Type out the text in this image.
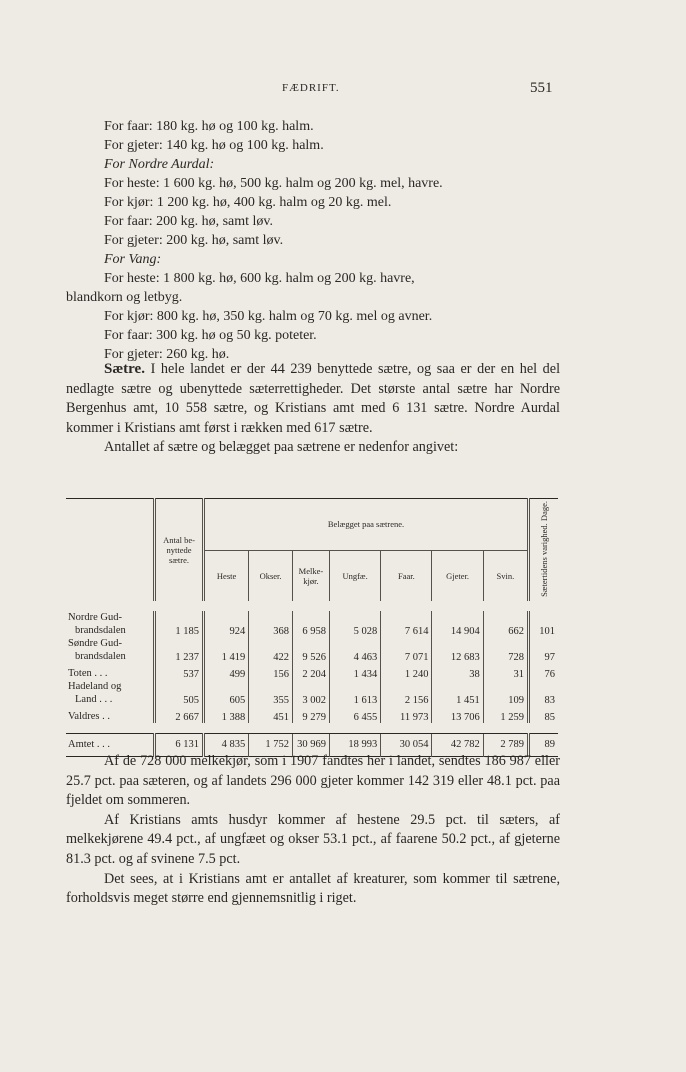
FÆDRIFT.	551
For faar: 180 kg. hø og 100 kg. halm.
For gjeter: 140 kg. hø og 100 kg. halm.
For Nordre Aurdal:
For heste: 1 600 kg. hø, 500 kg. halm og 200 kg. mel, havre.
For kjør: 1 200 kg. hø, 400 kg. halm og 20 kg. mel.
For faar: 200 kg. hø, samt løv.
For gjeter: 200 kg. hø, samt løv.
For Vang:
For heste: 1 800 kg. hø, 600 kg. halm og 200 kg. havre,
blandkorn og letbyg.
For kjør: 800 kg. hø, 350 kg. halm og 70 kg. mel og avner.
For faar: 300 kg. hø og 50 kg. poteter.
For gjeter: 260 kg. hø.

Sætre. I hele landet er der 44 239 benyttede sætre, og saa er der en hel del nedlagte sætre og ubenyttede sæterrettigheder. Det største antal sætre har Nordre Bergenhus amt, 10 558 sætre, og Kristians amt med 6 131 sætre. Nordre Aurdal kommer i Kristians amt først i rækken med 617 sætre.

Antallet af sætre og belægget paa sætrene er nedenfor angivet:

	Antal be- nyttede sætre.	Belægget paa sætrene.							Sætertidens varighed. Dage.
		Heste	Okser.	Melke- kjør.	Ungfæ.	Faar.	Gjeter.	Svin.	

Nordre Gud-
brandsdalen	1 185	924	368	6 958	5 028	7 614	14 904	662	101

Søndre Gud-
brandsdalen	1 237	1 419	422	9 526	4 463	7 071	12 683	728	97

Toten . . .	537	499	156	2 204	1 434	1 240	38	31	76

Hadeland og
Land . . .	505	605	355	3 002	1 613	2 156	1 451	109	83

Valdres . .	2 667	1 388	451	9 279	6 455	11 973	13 706	1 259	85

Amtet . . .	6 131	4 835	1 752	30 969	18 993	30 054	42 782	2 789	89

Af de 728 000 melkekjør, som i 1907 fandtes her i landet, sendtes 186 987 eller 25.7 pct. paa sæteren, og af landets 296 000 gjeter kommer 142 319 eller 48.1 pct. paa fjeldet om sommeren.

Af Kristians amts husdyr kommer af hestene 29.5 pct. til sæters, af melkekjørene 49.4 pct., af ungfæet og okser 53.1 pct., af faarene 50.2 pct., af gjeterne 81.3 pct. og af svinene 7.5 pct.

Det sees, at i Kristians amt er antallet af kreaturer, som kommer til sætrene, forholdsvis meget større end gjennemsnitlig i riget.
